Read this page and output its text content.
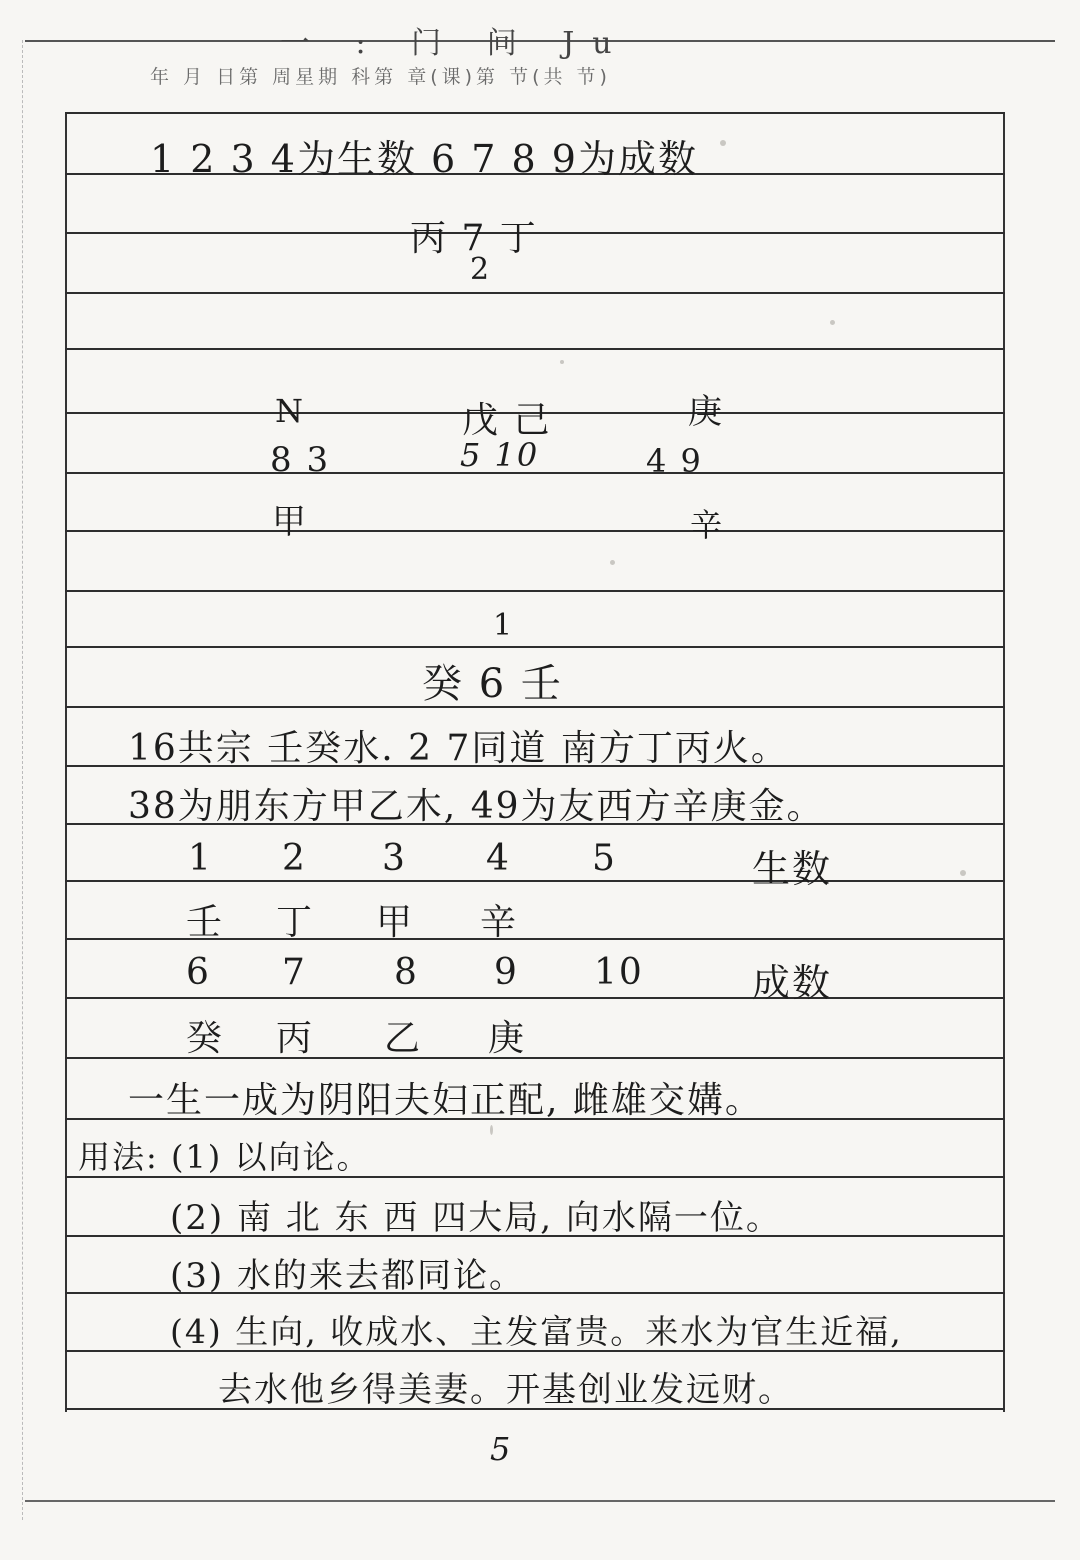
一 : 门 问 Ju
年 月 日第 周星期 科第 章(课)第 节(共 节)
1 2 3 4为生数 6 7 8 9为成数
丙 7 丁
2
N
8 3
甲
戊 己
5 10
庚
4 9
辛
1
癸 6 壬
16共宗 壬癸水. 2 7同道 南方丁丙火。
38为朋东方甲乙木, 49为友西方辛庚金。
1 2 3 4 5	生数
壬 丁 甲 辛
6 7 8 9 10	成数
癸 丙 乙 庚
一生一成为阴阳夫妇正配, 雌雄交媾。
用法: (1) 以向论。
(2) 南 北 东 西 四大局, 向水隔一位。
(3) 水的来去都同论。
(4) 生向, 收成水、主发富贵。来水为官生近福,
去水他乡得美妻。开基创业发远财。
5
